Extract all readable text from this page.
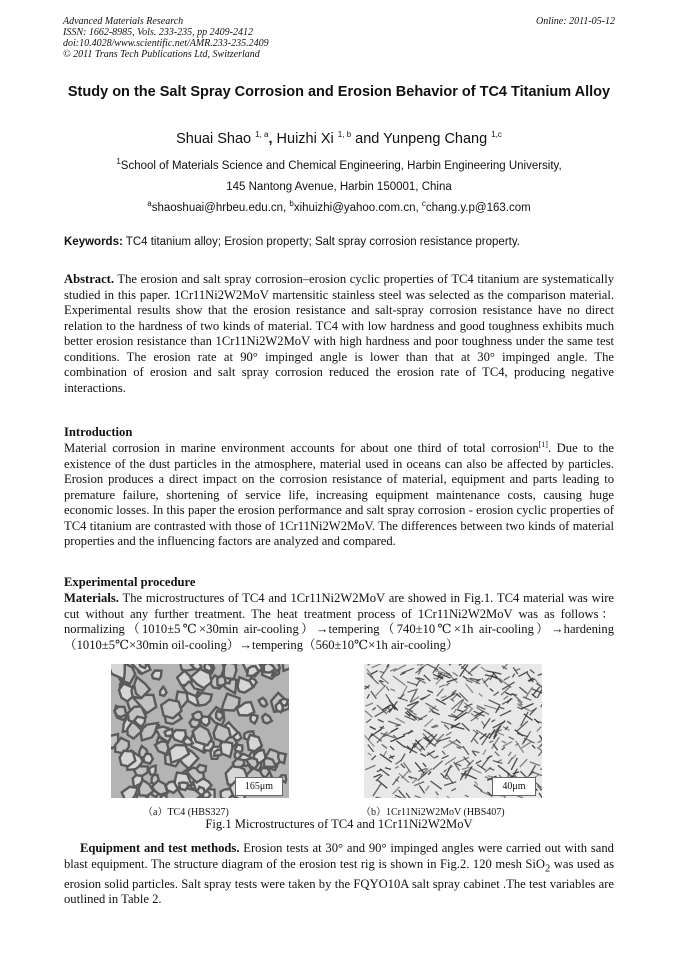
Advanced Materials Research
ISSN: 1662-8985, Vols. 233-235, pp 2409-2412
doi:10.4028/www.scientific.net/AMR.233-235.2409
© 2011 Trans Tech Publications Ltd, Switzerland
Online: 2011-05-12
Study on the Salt Spray Corrosion and Erosion Behavior of TC4 Titanium Alloy
Shuai Shao $^{1, a}$, Huizhi Xi $^{1, b}$ and Yunpeng Chang $^{1,c}$
$^1$School of Materials Science and Chemical Engineering, Harbin Engineering University,
145 Nantong Avenue, Harbin 150001, China
$^a$shaoshuai@hrbeu.edu.cn, $^b$xihuizhi@yahoo.com.cn, $^c$chang.y.p@163.com
Keywords: TC4 titanium alloy; Erosion property; Salt spray corrosion resistance property.
Abstract. The erosion and salt spray corrosion–erosion cyclic properties of TC4 titanium are systematically studied in this paper. 1Cr11Ni2W2MoV martensitic stainless steel was selected as the comparison material. Experimental results show that the erosion resistance and salt-spray corrosion resistance have no direct relation to the hardness of two kinds of material. TC4 with low hardness and good toughness exhibits much better erosion resistance than 1Cr11Ni2W2MoV with high hardness and poor toughness under the same test conditions. The erosion rate at 90° impinged angle is lower than that at 30° impinged angle. The combination of erosion and salt spray corrosion reduced the erosion rate of TC4, producing negative interactions.
Introduction
Material corrosion in marine environment accounts for about one third of total corrosion[1]. Due to the existence of the dust particles in the atmosphere, material used in oceans can also be affected by particles. Erosion produces a direct impact on the corrosion resistance of material, equipment and parts leading to premature failure, shortening of service life, increasing equipment maintenance costs, causing huge economic losses. In this paper the erosion performance and salt spray corrosion - erosion cyclic properties of TC4 titanium are contrasted with those of 1Cr11Ni2W2MoV. The differences between two kinds of material properties and the influencing factors are analyzed and compared.
Experimental procedure
Materials. The microstructures of TC4 and 1Cr11Ni2W2MoV are showed in Fig.1. TC4 material was wire cut without any further treatment. The heat treatment process of 1Cr11Ni2W2MoV was as follows： normalizing（1010±5℃×30min air-cooling）→tempering（740±10℃×1h air-cooling）→hardening（1010±5℃×30min oil-cooling）→tempering（560±10℃×1h air-cooling）
165μm	40μm
（a）TC4 (HBS327)	（b）1Cr11Ni2W2MoV (HBS407)
Fig.1 Microstructures of TC4 and 1Cr11Ni2W2MoV
Equipment and test methods. Erosion tests at 30° and 90° impinged angles were carried out with sand blast equipment. The structure diagram of the erosion test rig is shown in Fig.2. 120 mesh SiO$_2$ was used as erosion solid particles. Salt spray tests were taken by the FQYO10A salt spray cabinet .The test variables are outlined in Table 2.
